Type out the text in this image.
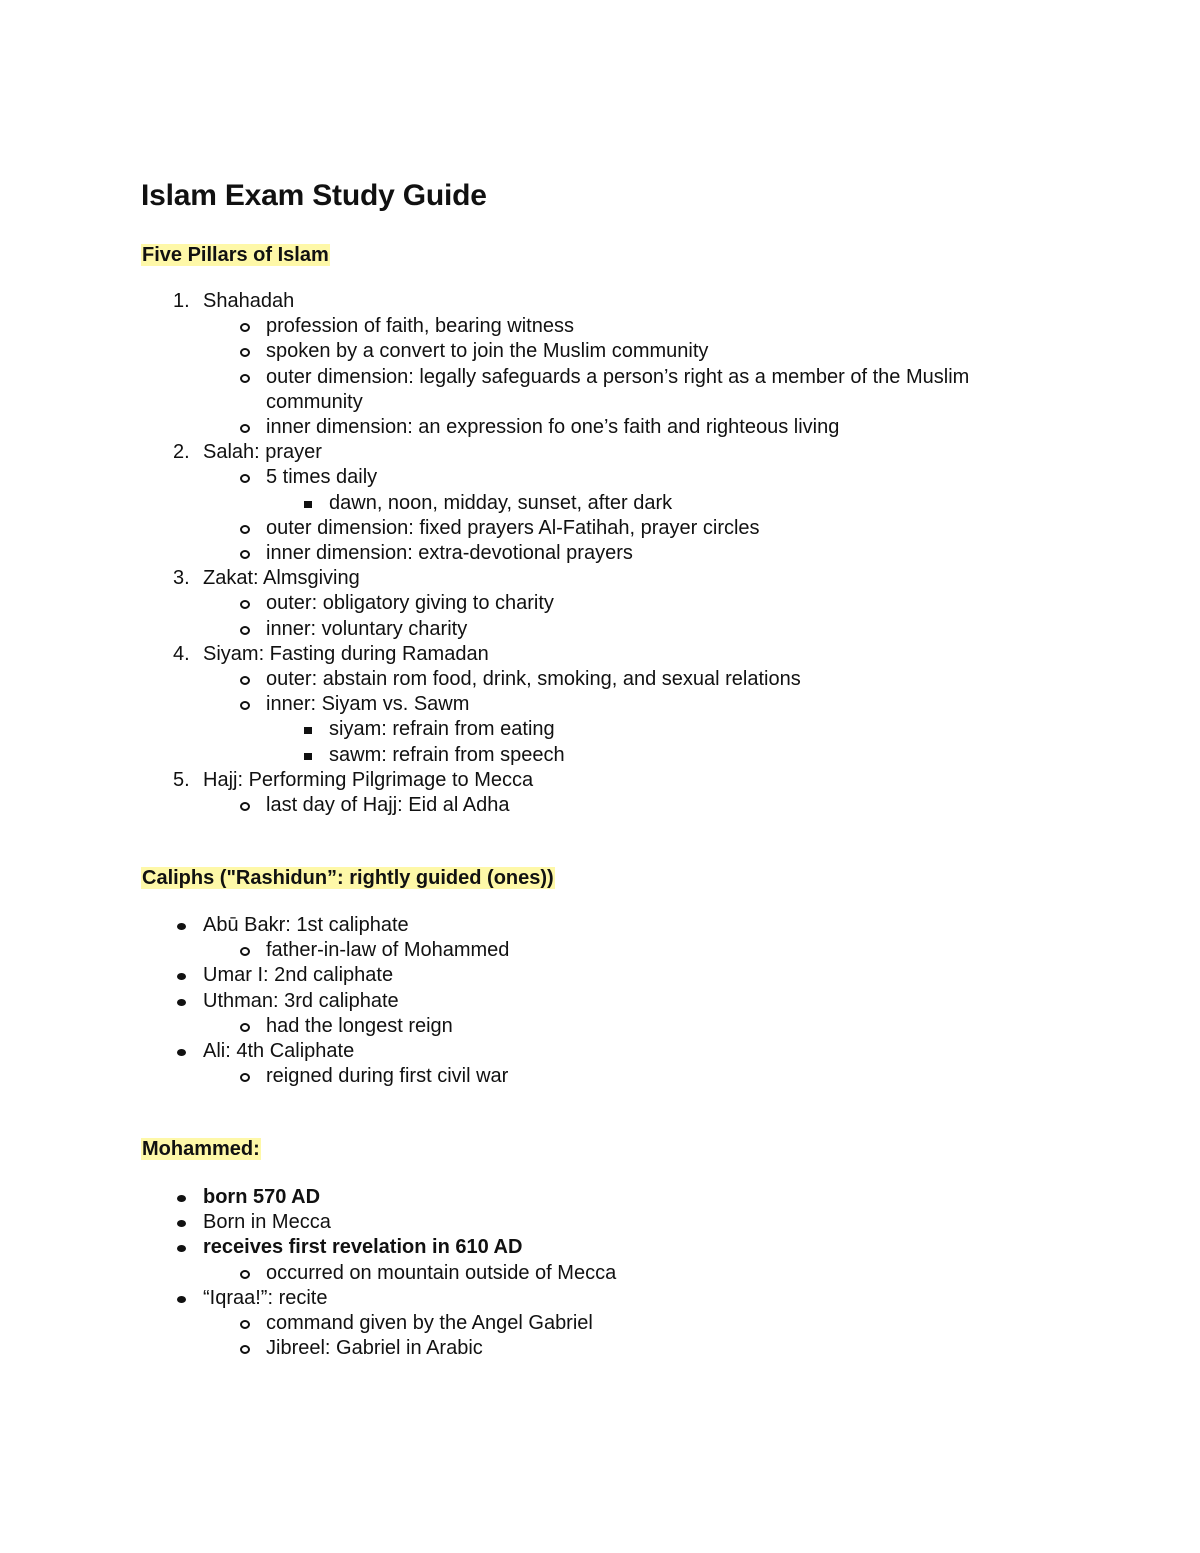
Islam Exam Study Guide
Five Pillars of Islam
1. Shahadah
profession of faith, bearing witness
spoken by a convert to join the Muslim community
outer dimension: legally safeguards a person’s right as a member of the Muslim community
inner dimension: an expression fo one’s faith and righteous living
2. Salah: prayer
5 times daily
dawn, noon, midday, sunset, after dark
outer dimension: fixed prayers Al-Fatihah, prayer circles
inner dimension: extra-devotional prayers
3. Zakat: Almsgiving
outer: obligatory giving to charity
inner: voluntary charity
4. Siyam: Fasting during Ramadan
outer: abstain rom food, drink, smoking, and sexual relations
inner: Siyam vs. Sawm
siyam: refrain from eating
sawm: refrain from speech
5. Hajj: Performing Pilgrimage to Mecca
last day of Hajj: Eid al Adha
Caliphs ("Rashidun”: rightly guided (ones))
Abū Bakr: 1st caliphate
father-in-law of Mohammed
Umar I: 2nd caliphate
Uthman: 3rd caliphate
had the longest reign
Ali: 4th Caliphate
reigned during first civil war
Mohammed:
born 570 AD
Born in Mecca
receives first revelation in 610 AD
occurred on mountain outside of Mecca
“Iqraa!”: recite
command given by the Angel Gabriel
Jibreel: Gabriel in Arabic
